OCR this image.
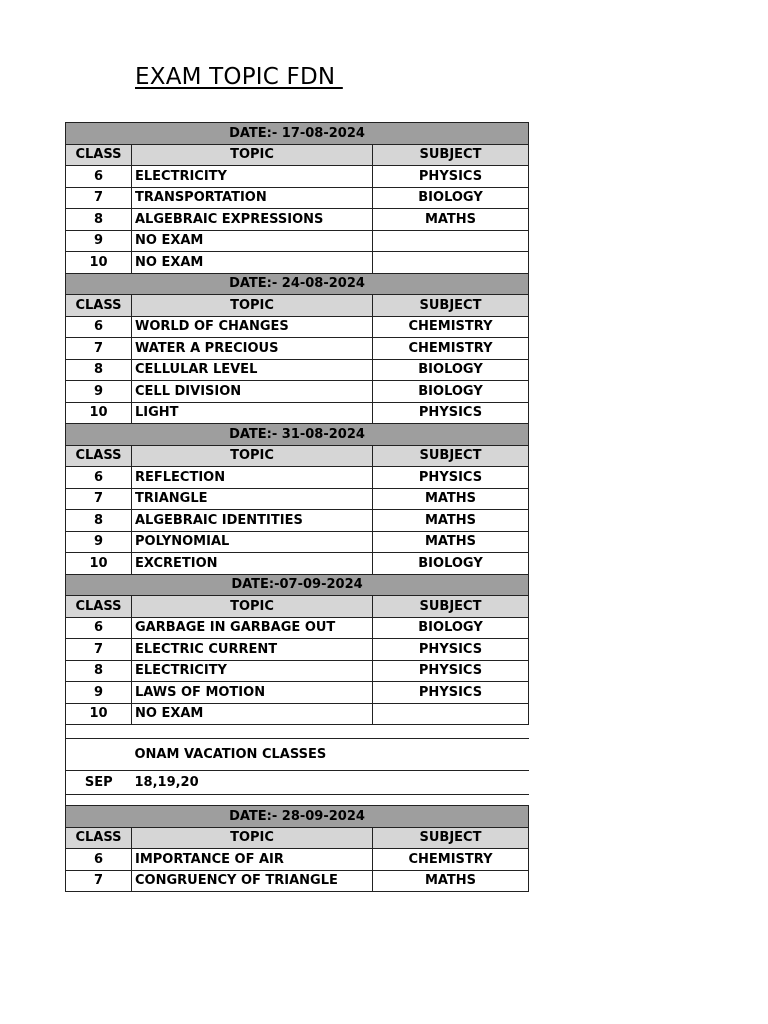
EXAM TOPIC FDN
DATE:- 17-08-2024		
CLASS	TOPIC	SUBJECT
6	ELECTRICITY	PHYSICS
7	TRANSPORTATION	BIOLOGY
8	ALGEBRAIC EXPRESSIONS	MATHS
9	NO EXAM	
10	NO EXAM	
DATE:- 24-08-2024		
CLASS	TOPIC	SUBJECT
6	WORLD OF CHANGES	CHEMISTRY
7	WATER A PRECIOUS	CHEMISTRY
8	CELLULAR LEVEL	BIOLOGY
9	CELL DIVISION	BIOLOGY
10	LIGHT	PHYSICS
DATE:- 31-08-2024		
CLASS	TOPIC	SUBJECT
6	REFLECTION	PHYSICS
7	TRIANGLE	MATHS
8	ALGEBRAIC IDENTITIES	MATHS
9	POLYNOMIAL	MATHS
10	EXCRETION	BIOLOGY
DATE:-07-09-2024		
CLASS	TOPIC	SUBJECT
6	GARBAGE IN GARBAGE OUT	BIOLOGY
7	ELECTRIC CURRENT	PHYSICS
8	ELECTRICITY	PHYSICS
9	LAWS OF MOTION	PHYSICS
10	NO EXAM	

	ONAM VACATION CLASSES	
SEP	18,19,20	

DATE:- 28-09-2024		
CLASS	TOPIC	SUBJECT
6	IMPORTANCE OF AIR	CHEMISTRY
7	CONGRUENCY OF TRIANGLE	MATHS
